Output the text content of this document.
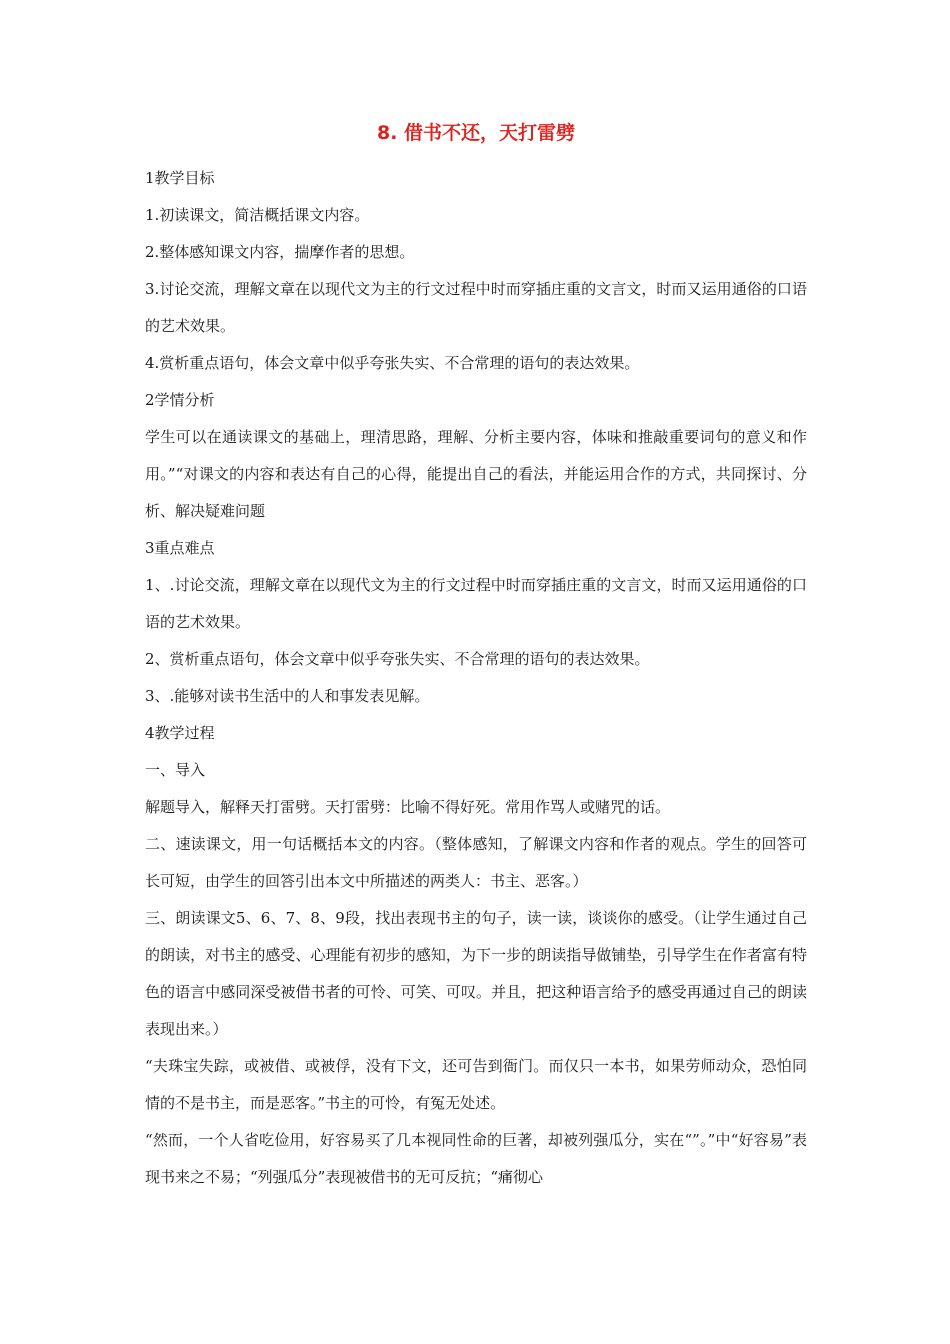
8. 借书不还，天打雷劈

1教学目标

1.初读课文，简洁概括课文内容。

2.整体感知课文内容，揣摩作者的思想。

3.讨论交流，理解文章在以现代文为主的行文过程中时而穿插庄重的文言文，时而又运用通俗的口语的艺术效果。

4.赏析重点语句，体会文章中似乎夸张失实、不合常理的语句的表达效果。

2学情分析

学生可以在通读课文的基础上，理清思路，理解、分析主要内容，体味和推敲重要词句的意义和作用。”“对课文的内容和表达有自己的心得，能提出自己的看法，并能运用合作的方式，共同探讨、分析、解决疑难问题

3重点难点

1、.讨论交流，理解文章在以现代文为主的行文过程中时而穿插庄重的文言文，时而又运用通俗的口语的艺术效果。

2、赏析重点语句，体会文章中似乎夸张失实、不合常理的语句的表达效果。

3、.能够对读书生活中的人和事发表见解。

4教学过程

一、导入

解题导入，解释天打雷劈。天打雷劈：比喻不得好死。常用作骂人或赌咒的话。

二、速读课文，用一句话概括本文的内容。（整体感知，了解课文内容和作者的观点。学生的回答可长可短，由学生的回答引出本文中所描述的两类人：书主、恶客。）

三、朗读课文5、6、7、8、9段，找出表现书主的句子，读一读，谈谈你的感受。（让学生通过自己的朗读，对书主的感受、心理能有初步的感知，为下一步的朗读指导做铺垫，引导学生在作者富有特色的语言中感同深受被借书者的可怜、可笑、可叹。并且，把这种语言给予的感受再通过自己的朗读表现出来。）

“夫珠宝失踪，或被借、或被俘，没有下文，还可告到衙门。而仅只一本书，如果劳师动众，恐怕同情的不是书主，而是恶客。”书主的可怜，有冤无处述。

“然而，一个人省吃俭用，好容易买了几本视同性命的巨著，却被列强瓜分，实在“”。”中“好容易”表现书来之不易；“列强瓜分”表现被借书的无可反抗；“痛彻心
